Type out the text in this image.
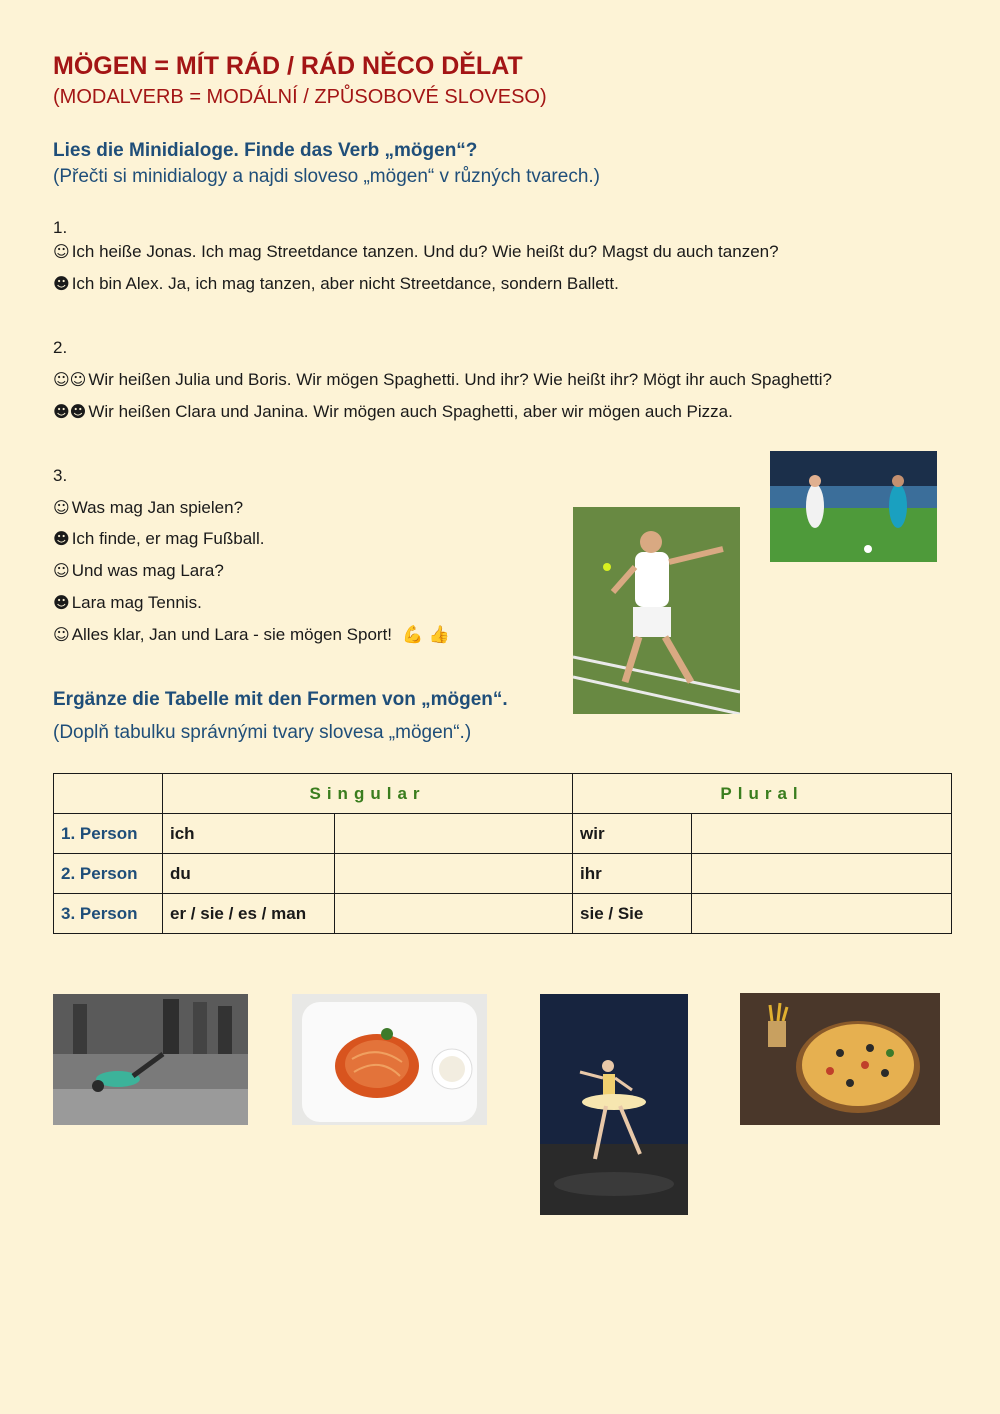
MÖGEN = MÍT RÁD / RÁD NĚCO DĚLAT
(MODALVERB = MODÁLNÍ / ZPŮSOBOVÉ SLOVESO)
Lies die Minidialoge. Finde das Verb „mögen“?
(Přečti si minidialogy a najdi sloveso „mögen“ v různých tvarech.)
1.
☺ Ich heiße Jonas. Ich mag Streetdance tanzen. Und du? Wie heißt du? Magst du auch tanzen?
☻ Ich bin Alex. Ja, ich mag tanzen, aber nicht Streetdance, sondern Ballett.
2.
☺☺ Wir heißen Julia und Boris. Wir mögen Spaghetti. Und ihr? Wie heißt ihr? Mögt ihr auch Spaghetti?
☻☻ Wir heißen Clara und Janina. Wir mögen auch Spaghetti, aber wir mögen auch Pizza.
3.
☺ Was mag Jan spielen?
☻ Ich finde, er mag Fußball.
☺ Und was mag Lara?
☻ Lara mag Tennis.
☺ Alles klar, Jan und Lara - sie mögen Sport! 💪 👍
Ergänze die Tabelle mit den Formen von „mögen“.
(Doplň tabulku správnými tvary slovesa „mögen“.)
	Singular		Plural	
1. Person	ich		wir	
2. Person	du		ihr	
3. Person	er / sie / es / man		sie / Sie	
